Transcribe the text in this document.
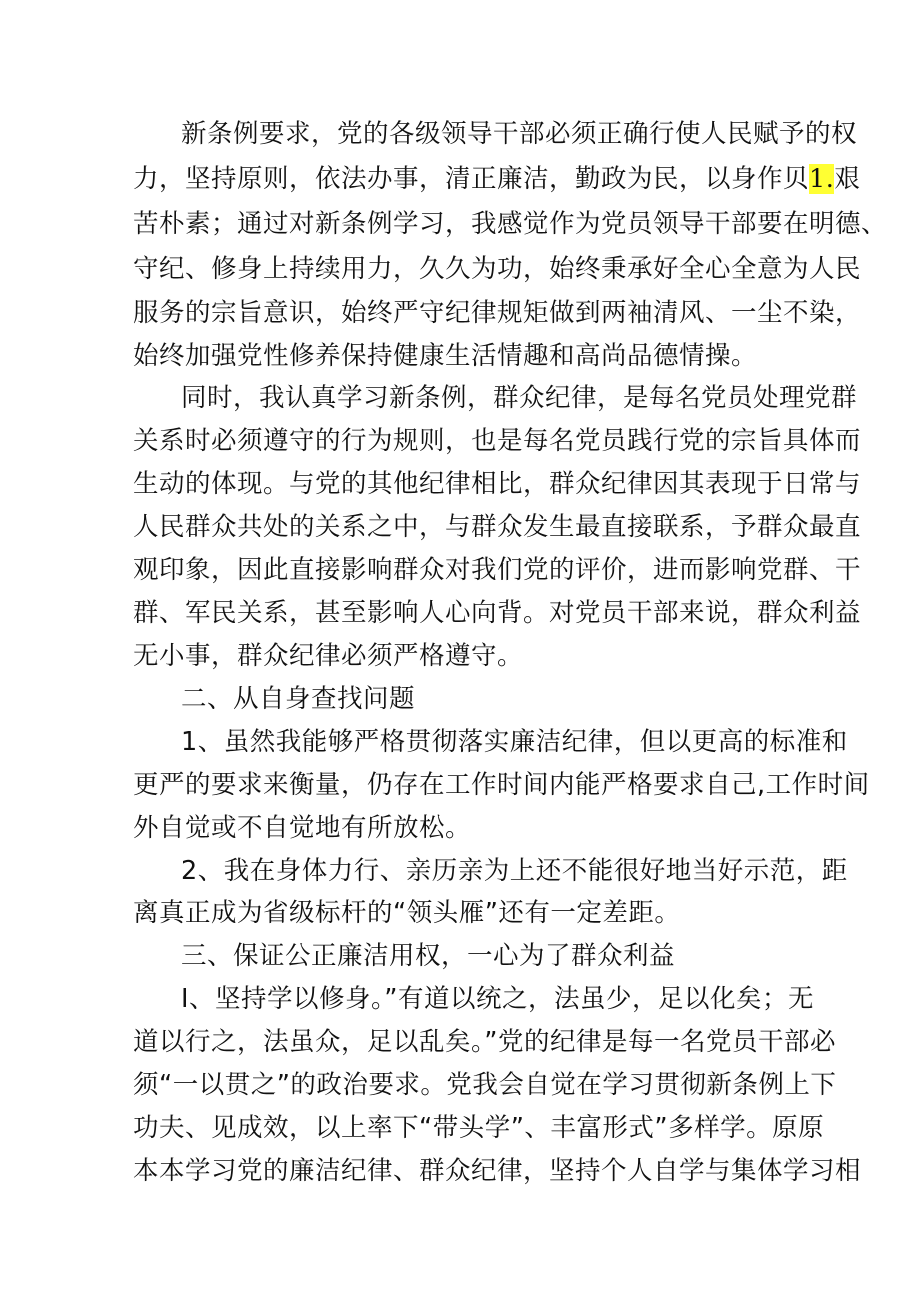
新条例要求，党的各级领导干部必须正确行使人民赋予的权
力，坚持原则，依法办事，清正廉洁，勤政为民，以身作贝1.艰
苦朴素；通过对新条例学习，我感觉作为党员领导干部要在明德、
守纪、修身上持续用力，久久为功，始终秉承好全心全意为人民
服务的宗旨意识，始终严守纪律规矩做到两袖清风、一尘不染，
始终加强党性修养保持健康生活情趣和高尚品德情操。
同时，我认真学习新条例，群众纪律，是每名党员处理党群
关系时必须遵守的行为规则，也是每名党员践行党的宗旨具体而
生动的体现。与党的其他纪律相比，群众纪律因其表现于日常与
人民群众共处的关系之中，与群众发生最直接联系，予群众最直
观印象，因此直接影响群众对我们党的评价，进而影响党群、干
群、军民关系，甚至影响人心向背。对党员干部来说，群众利益
无小事，群众纪律必须严格遵守。
二、从自身查找问题
1、虽然我能够严格贯彻落实廉洁纪律，但以更高的标准和
更严的要求来衡量，仍存在工作时间内能严格要求自己,工作时间
外自觉或不自觉地有所放松。
2、我在身体力行、亲历亲为上还不能很好地当好示范，距
离真正成为省级标杆的“领头雁”还有一定差距。
三、保证公正廉洁用权，一心为了群众利益
I、坚持学以修身。”有道以统之，法虽少，足以化矣；无
道以行之，法虽众，足以乱矣。”党的纪律是每一名党员干部必
须“一以贯之”的政治要求。党我会自觉在学习贯彻新条例上下
功夫、见成效，以上率下“带头学”、丰富形式”多样学。原原
本本学习党的廉洁纪律、群众纪律，坚持个人自学与集体学习相
